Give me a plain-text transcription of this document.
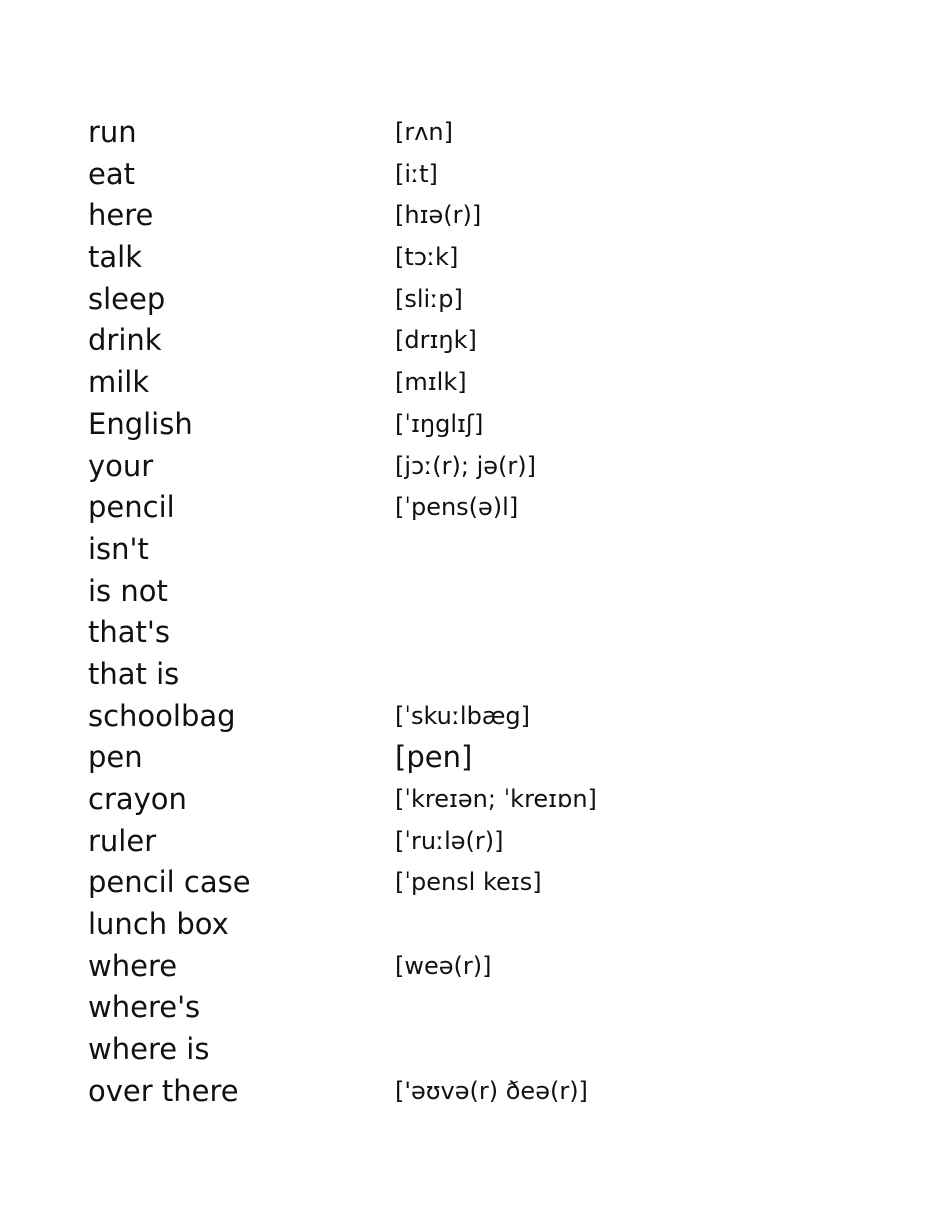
run	[rʌn]
eat	[iːt]
here	[hɪə(r)]
talk	[tɔːk]
sleep	[sliːp]
drink	[drɪŋk]
milk	[mɪlk]
English	[ˈɪŋglɪʃ]
your	[jɔː(r); jə(r)]
pencil	[ˈpens(ə)l]
isn't
is not
that's
that is
schoolbag	[ˈskuːlbæg]
pen	[pen]
crayon	[ˈkreɪən; ˈkreɪɒn]
ruler	[ˈruːlə(r)]
pencil case	[ˈpensl keɪs]
lunch box
where	[weə(r)]
where's
where is
over there	['əʊvə(r) ðeə(r)]
